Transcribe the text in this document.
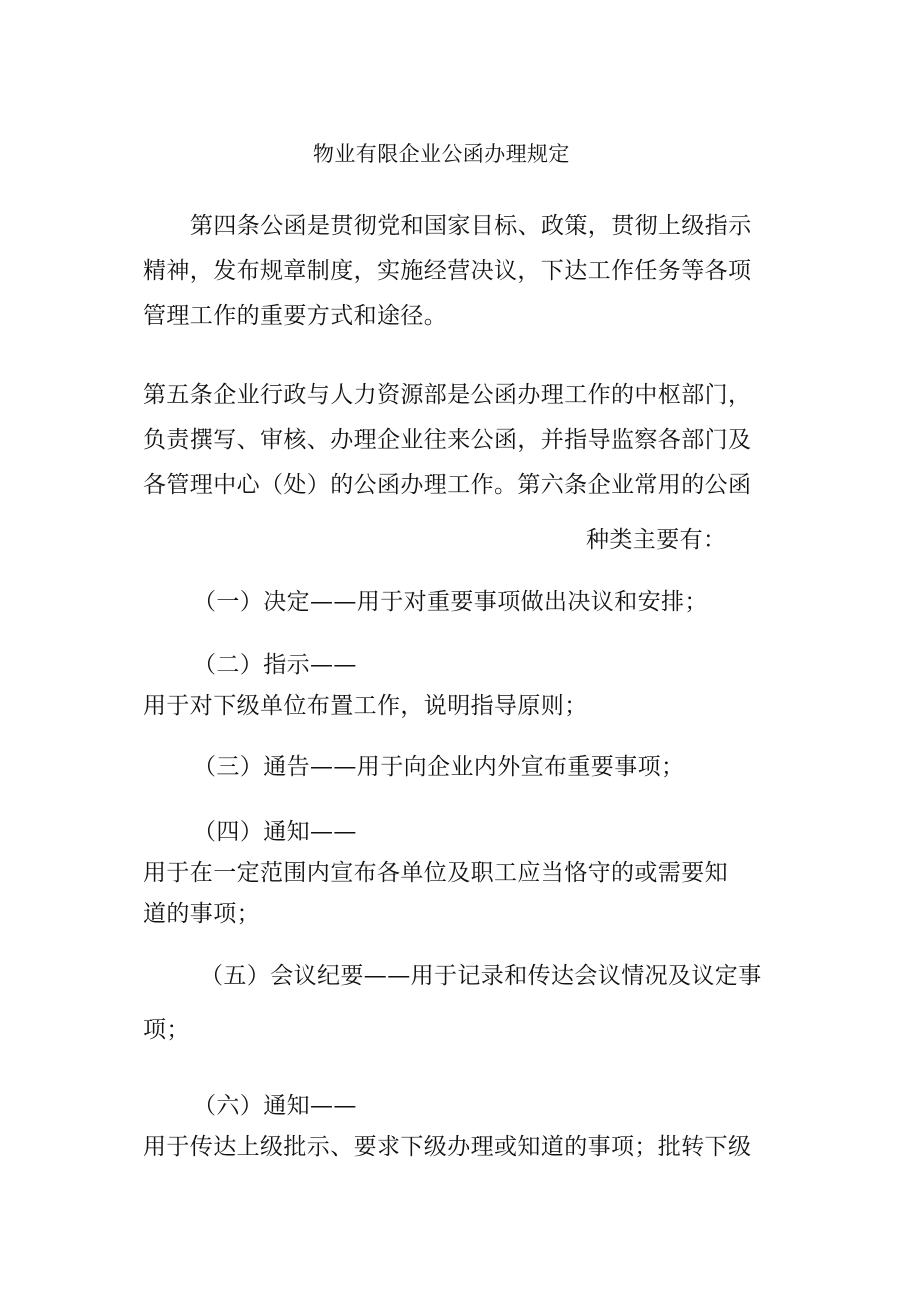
物业有限企业公函办理规定
第四条公函是贯彻党和国家目标、政策，贯彻上级指示
精神，发布规章制度，实施经营决议，下达工作任务等各项
管理工作的重要方式和途径。
第五条企业行政与人力资源部是公函办理工作的中枢部门，
负责撰写、审核、办理企业往来公函，并指导监察各部门及
各管理中心（处）的公函办理工作。第六条企业常用的公函
种类主要有：
（一）决定——用于对重要事项做出决议和安排；
（二）指示——
用于对下级单位布置工作，说明指导原则；
（三）通告——用于向企业内外宣布重要事项；
（四）通知——
用于在一定范围内宣布各单位及职工应当恪守的或需要知
道的事项；
（五）会议纪要——用于记录和传达会议情况及议定事
项；
（六）通知——
用于传达上级批示、要求下级办理或知道的事项；批转下级
